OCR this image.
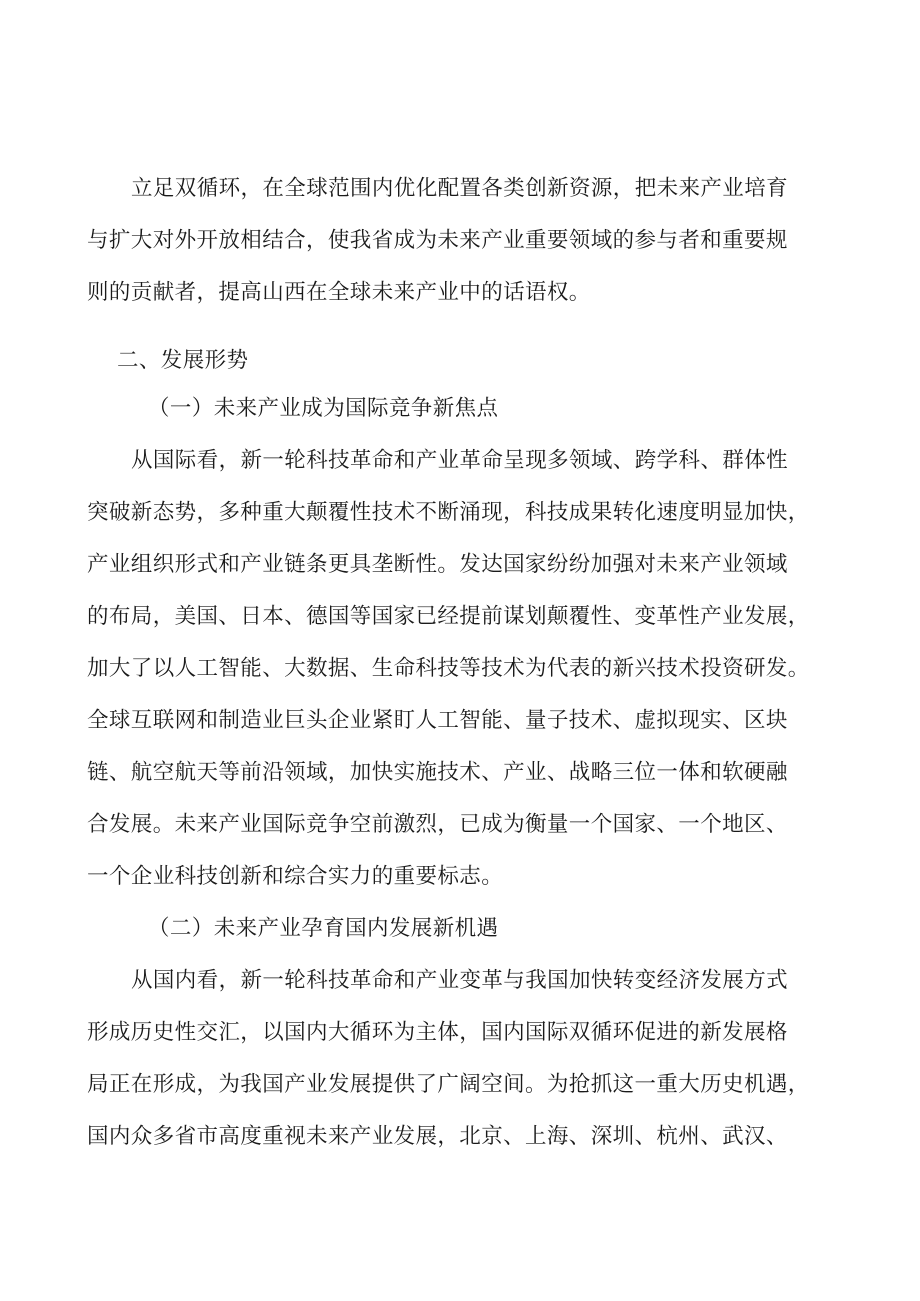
立足双循环，在全球范围内优化配置各类创新资源，把未来产业培育
与扩大对外开放相结合，使我省成为未来产业重要领域的参与者和重要规
则的贡献者，提高山西在全球未来产业中的话语权。
二、发展形势
（一）未来产业成为国际竞争新焦点
从国际看，新一轮科技革命和产业革命呈现多领域、跨学科、群体性
突破新态势，多种重大颠覆性技术不断涌现，科技成果转化速度明显加快，
产业组织形式和产业链条更具垄断性。发达国家纷纷加强对未来产业领域
的布局，美国、日本、德国等国家已经提前谋划颠覆性、变革性产业发展，
加大了以人工智能、大数据、生命科技等技术为代表的新兴技术投资研发。
全球互联网和制造业巨头企业紧盯人工智能、量子技术、虚拟现实、区块
链、航空航天等前沿领域，加快实施技术、产业、战略三位一体和软硬融
合发展。未来产业国际竞争空前激烈，已成为衡量一个国家、一个地区、
一个企业科技创新和综合实力的重要标志。
（二）未来产业孕育国内发展新机遇
从国内看，新一轮科技革命和产业变革与我国加快转变经济发展方式
形成历史性交汇，以国内大循环为主体，国内国际双循环促进的新发展格
局正在形成，为我国产业发展提供了广阔空间。为抢抓这一重大历史机遇，
国内众多省市高度重视未来产业发展，北京、上海、深圳、杭州、武汉、
